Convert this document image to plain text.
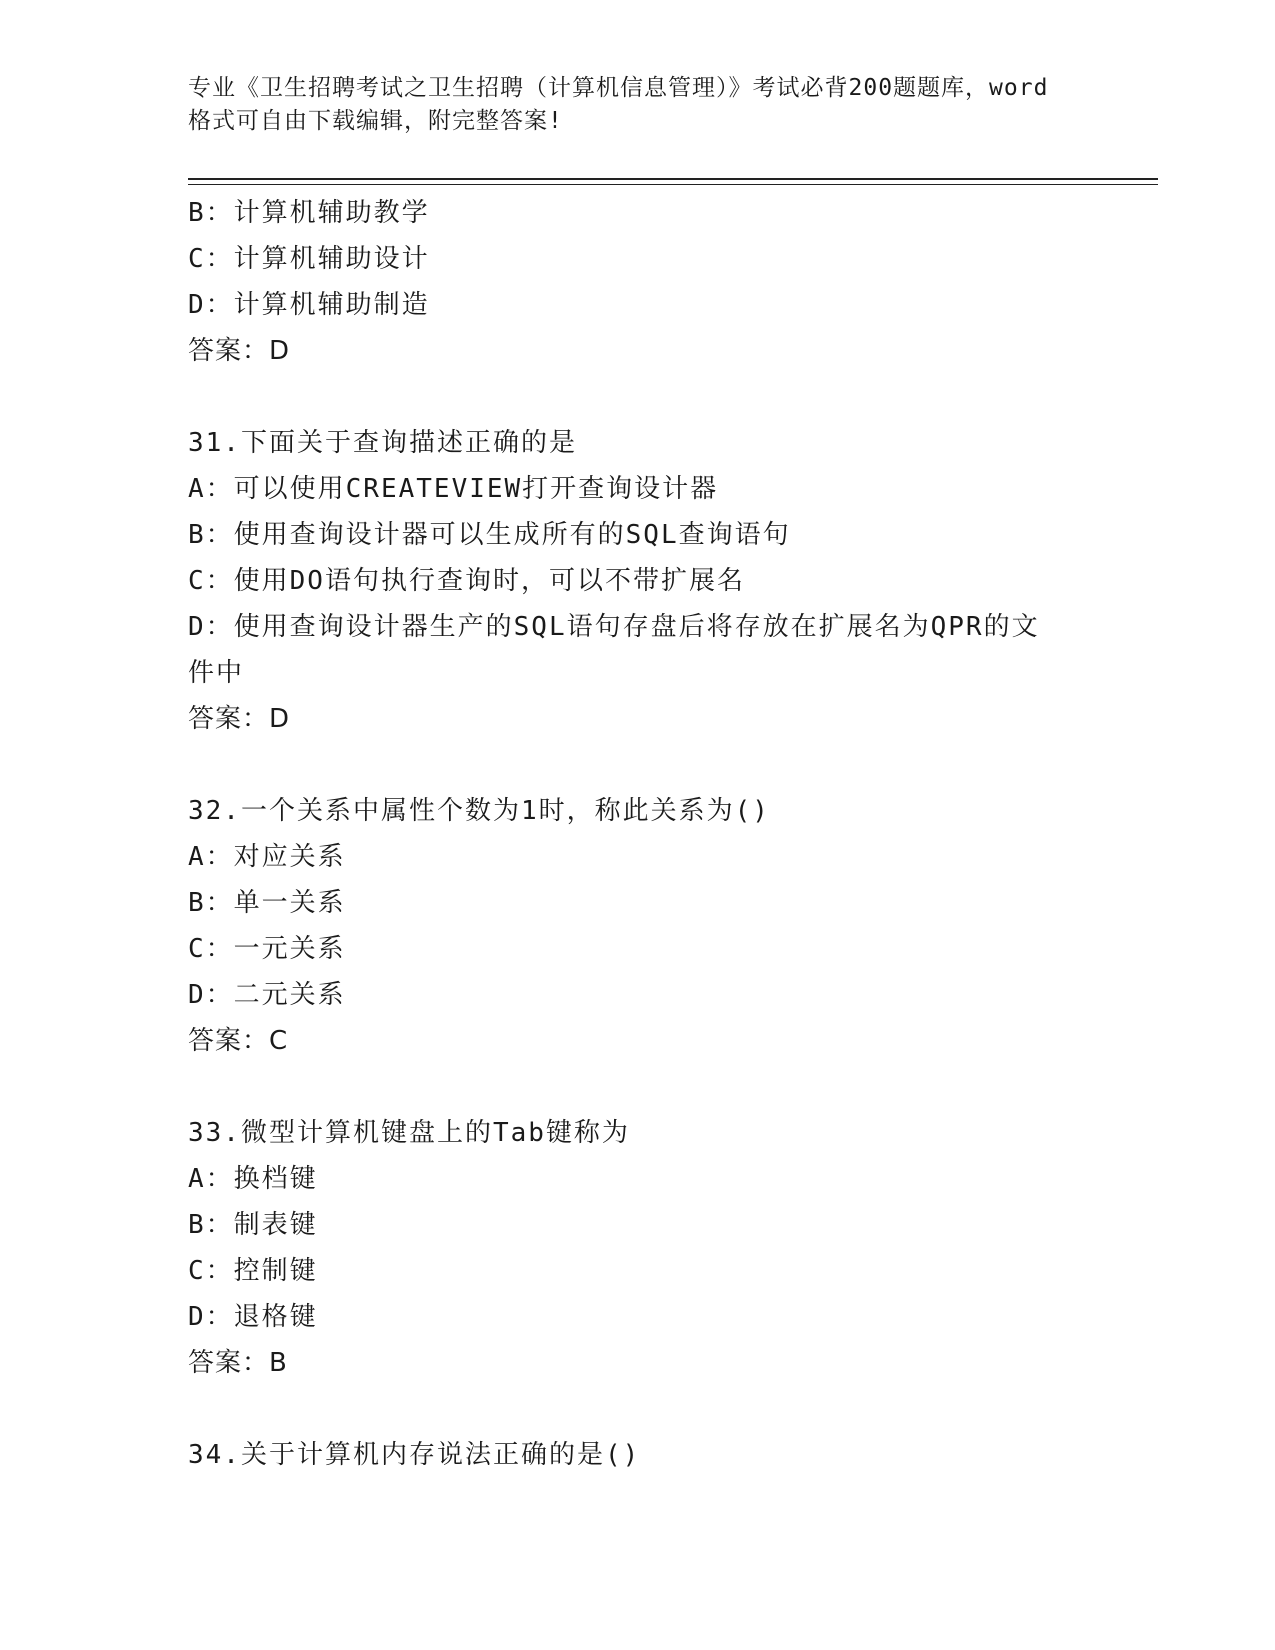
专业《卫生招聘考试之卫生招聘（计算机信息管理）》考试必背200题题库，word
格式可自由下载编辑，附完整答案!
B：计算机辅助教学
C：计算机辅助设计
D：计算机辅助制造
答案：D
31.下面关于查询描述正确的是
A：可以使用CREATEVIEW打开查询设计器
B：使用查询设计器可以生成所有的SQL查询语句
C：使用DO语句执行查询时，可以不带扩展名
D：使用查询设计器生产的SQL语句存盘后将存放在扩展名为QPR的文
件中
答案：D
32.一个关系中属性个数为1时，称此关系为()
A：对应关系
B：单一关系
C：一元关系
D：二元关系
答案：C
33.微型计算机键盘上的Tab键称为
A：换档键
B：制表键
C：控制键
D：退格键
答案：B
34.关于计算机内存说法正确的是()
